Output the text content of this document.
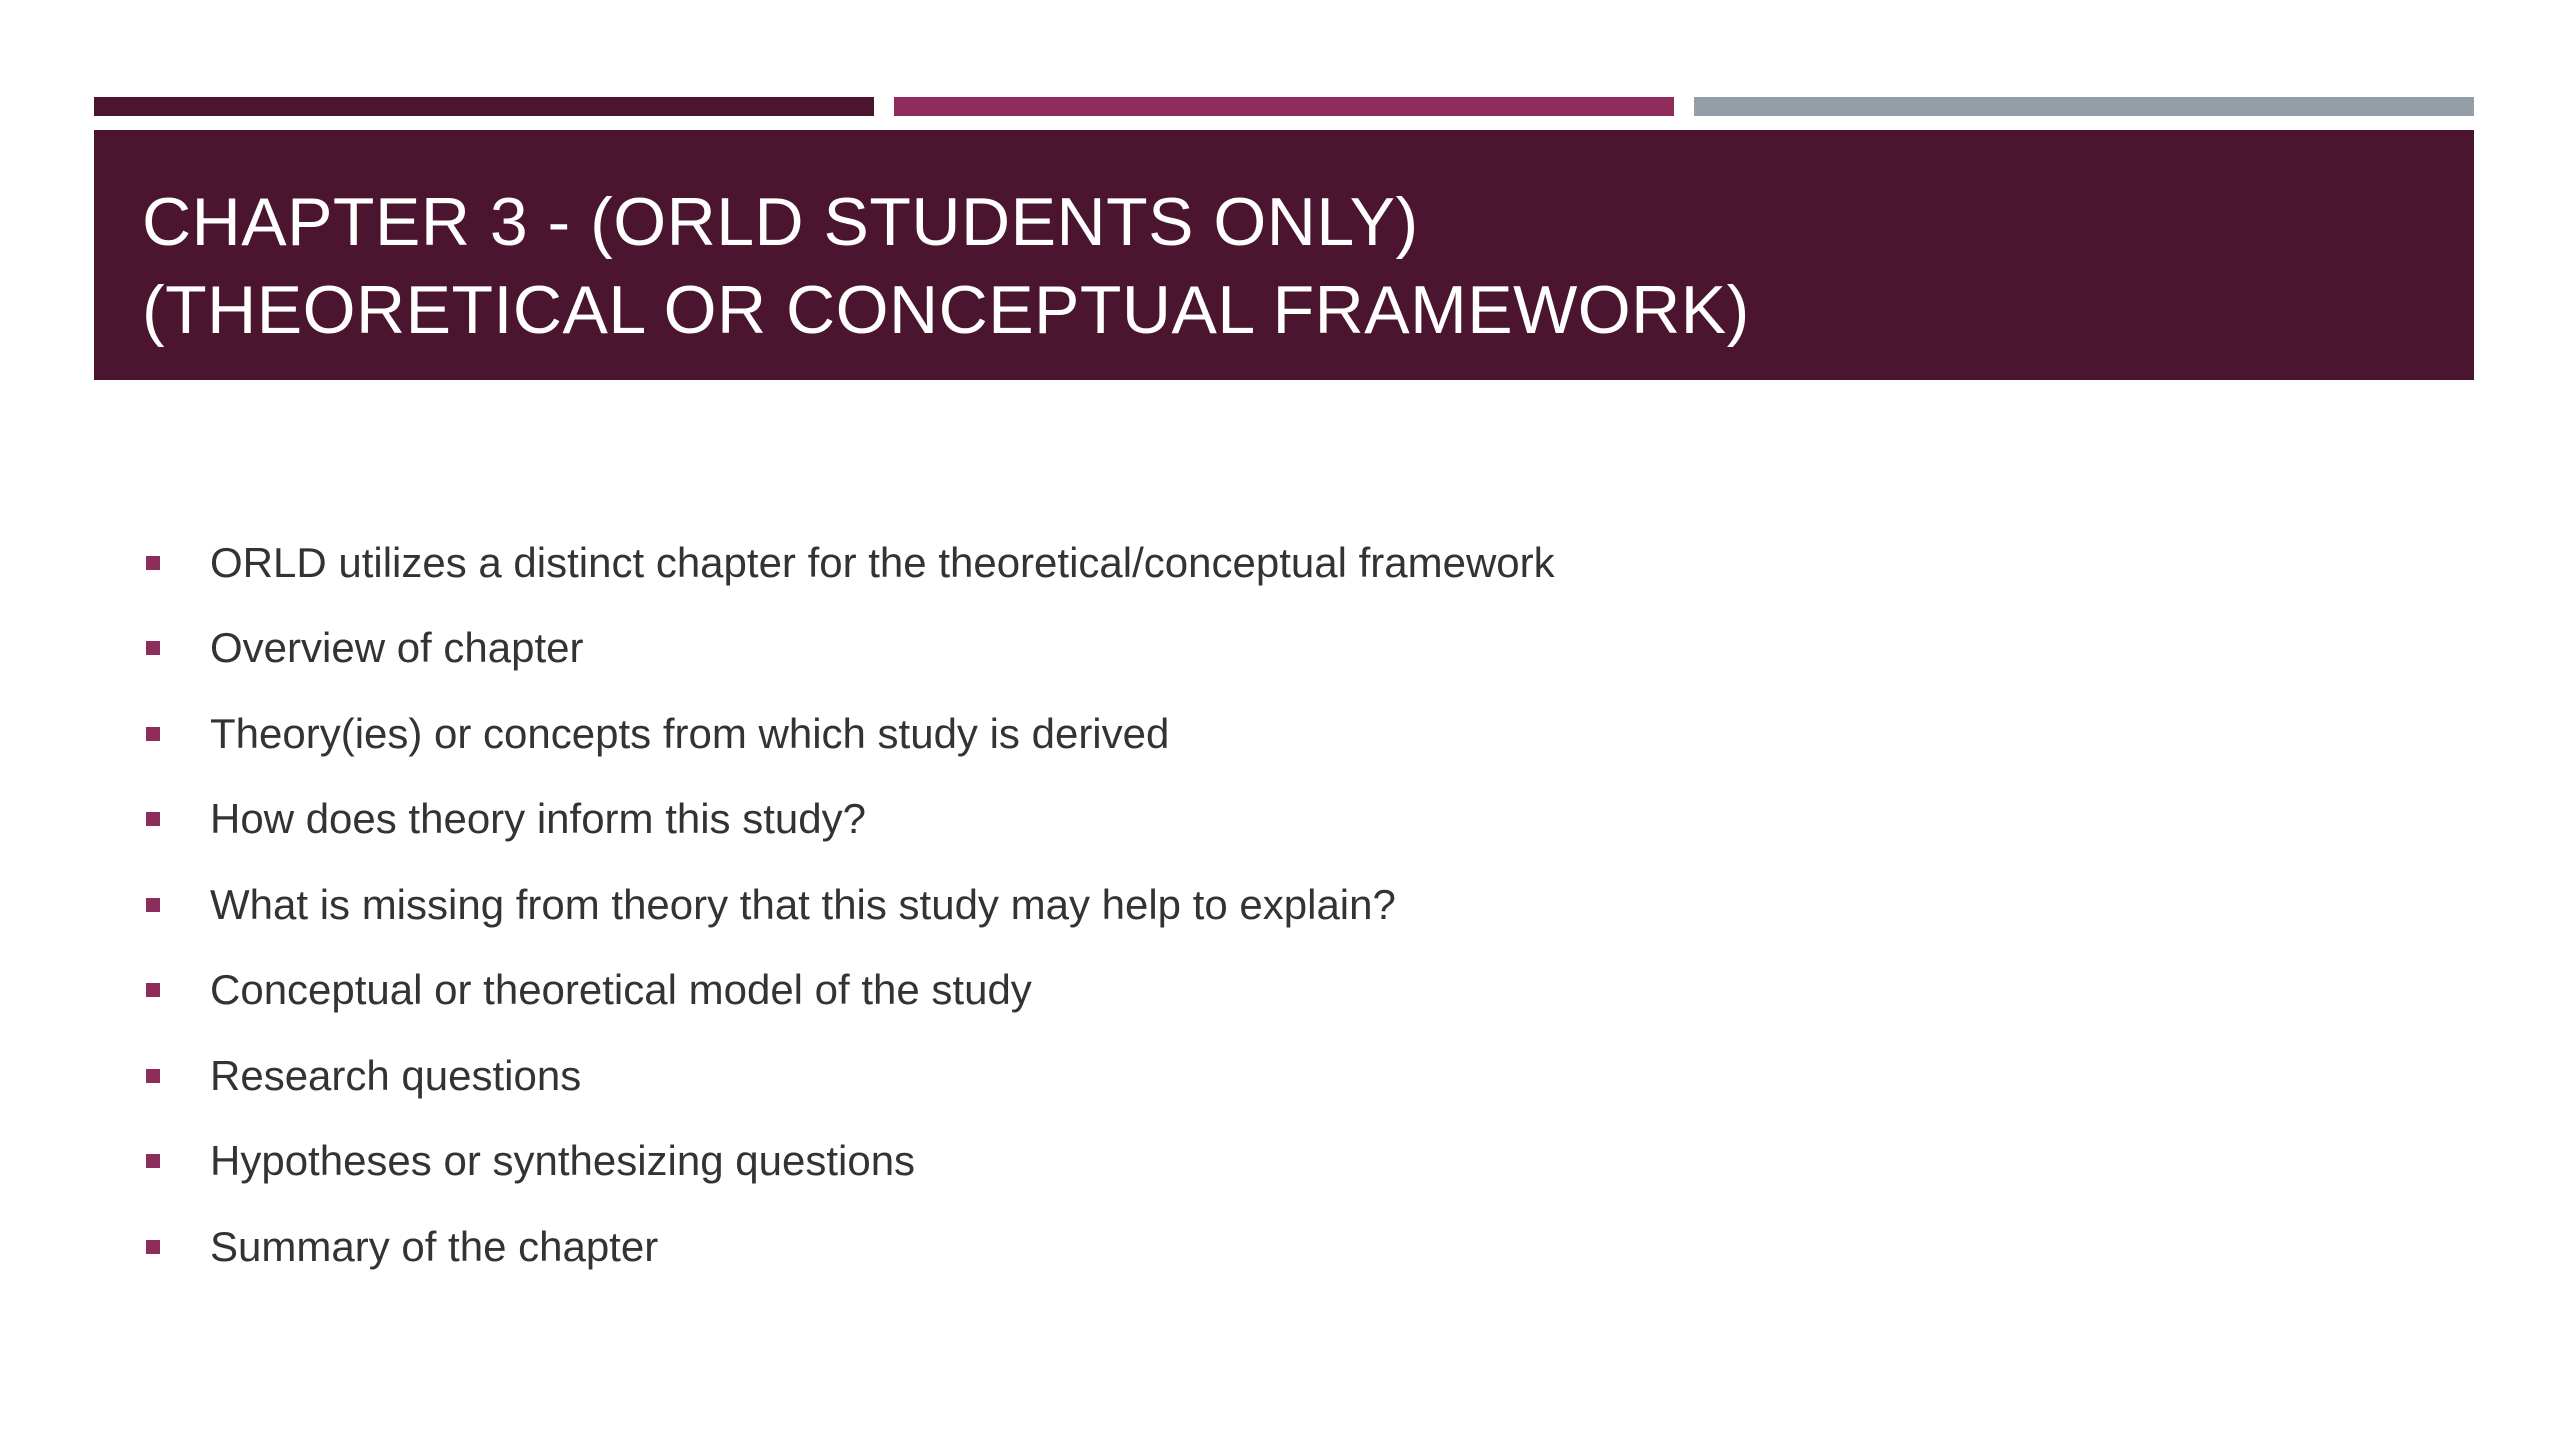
CHAPTER 3 - (ORLD STUDENTS ONLY)
(THEORETICAL OR CONCEPTUAL FRAMEWORK)
ORLD utilizes a distinct chapter for the theoretical/conceptual framework
Overview of chapter
Theory(ies) or concepts from which study is derived
How does theory inform this study?
What is missing from theory that this study may help to explain?
Conceptual or theoretical model of the study
Research questions
Hypotheses or synthesizing questions
Summary of the chapter
